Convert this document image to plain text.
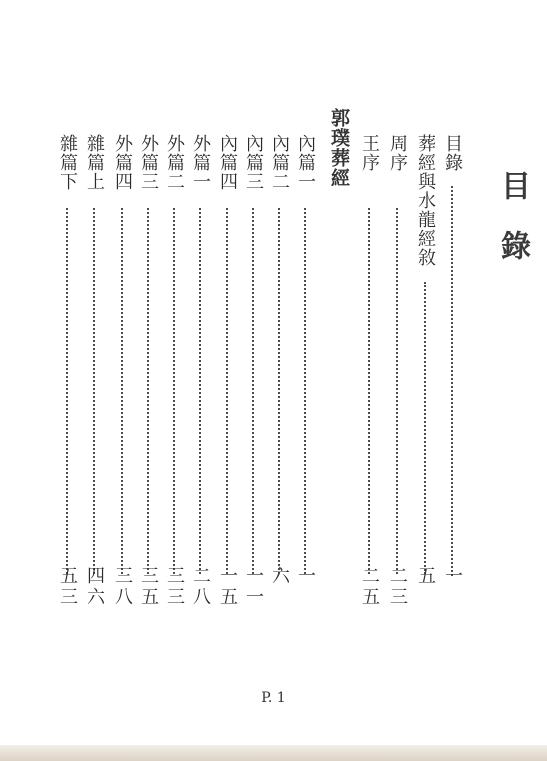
目錄
郭璞葬經	目錄
一
葬經與水龍經敘
五
周序
二三
王序
二五
內篇一
一
內篇二
六
內篇三
一一
內篇四
一五
外篇一
二八
外篇二
三三
外篇三
三五
外篇四
三八
雜篇上
四六
雜篇下
五三
P. 1
